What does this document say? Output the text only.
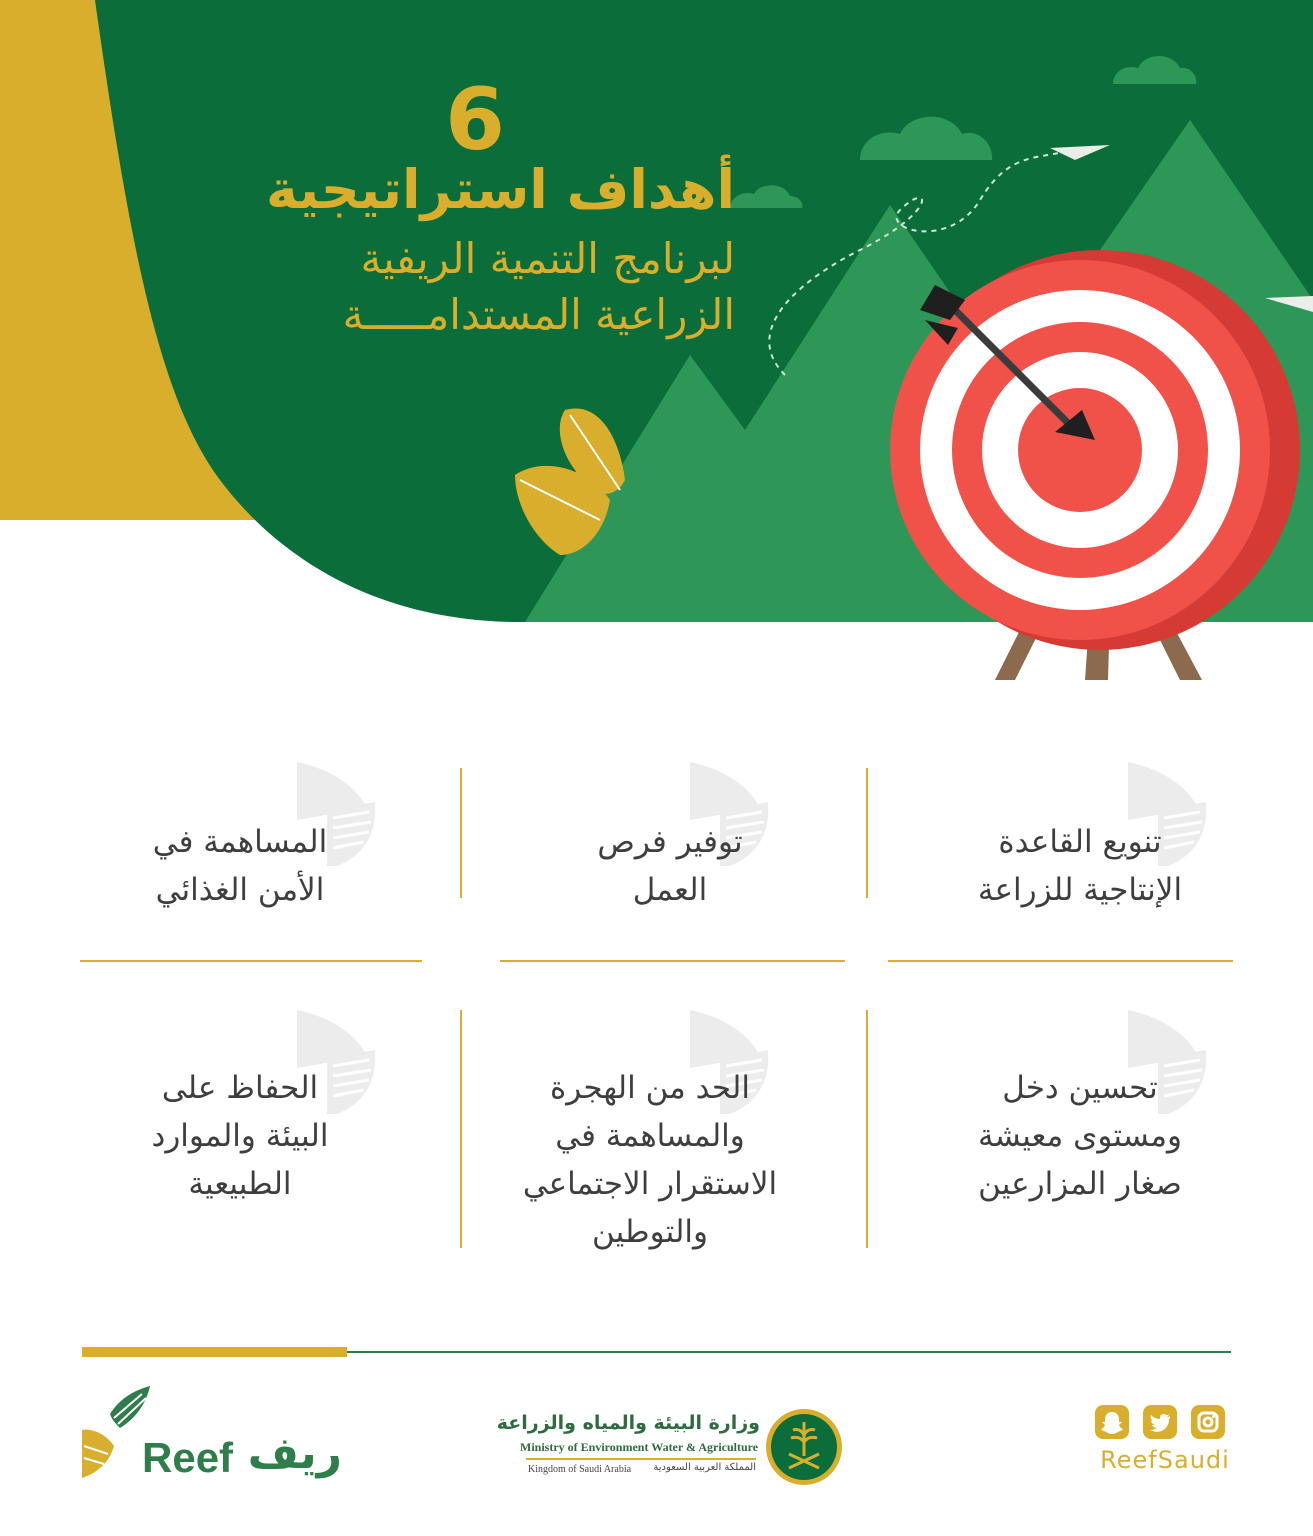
6
أهداف استراتيجية
لبرنامج التنمية الريفية
الزراعية المستدامـــــة
تنويع القاعدة
الإنتاجية للزراعة
توفير فرص
العمل
المساهمة في
الأمن الغذائي
تحسين دخل
ومستوى معيشة
صغار المزارعين
الحد من الهجرة
والمساهمة في
الاستقرار الاجتماعي
والتوطين
الحفاظ على
البيئة والموارد
الطبيعية
ReefSaudi
وزارة البيئة والمياه والزراعة
Ministry of Environment Water & Agriculture
Kingdom of Saudi Arabia	المملكة العربية السعودية
Reef ريف
